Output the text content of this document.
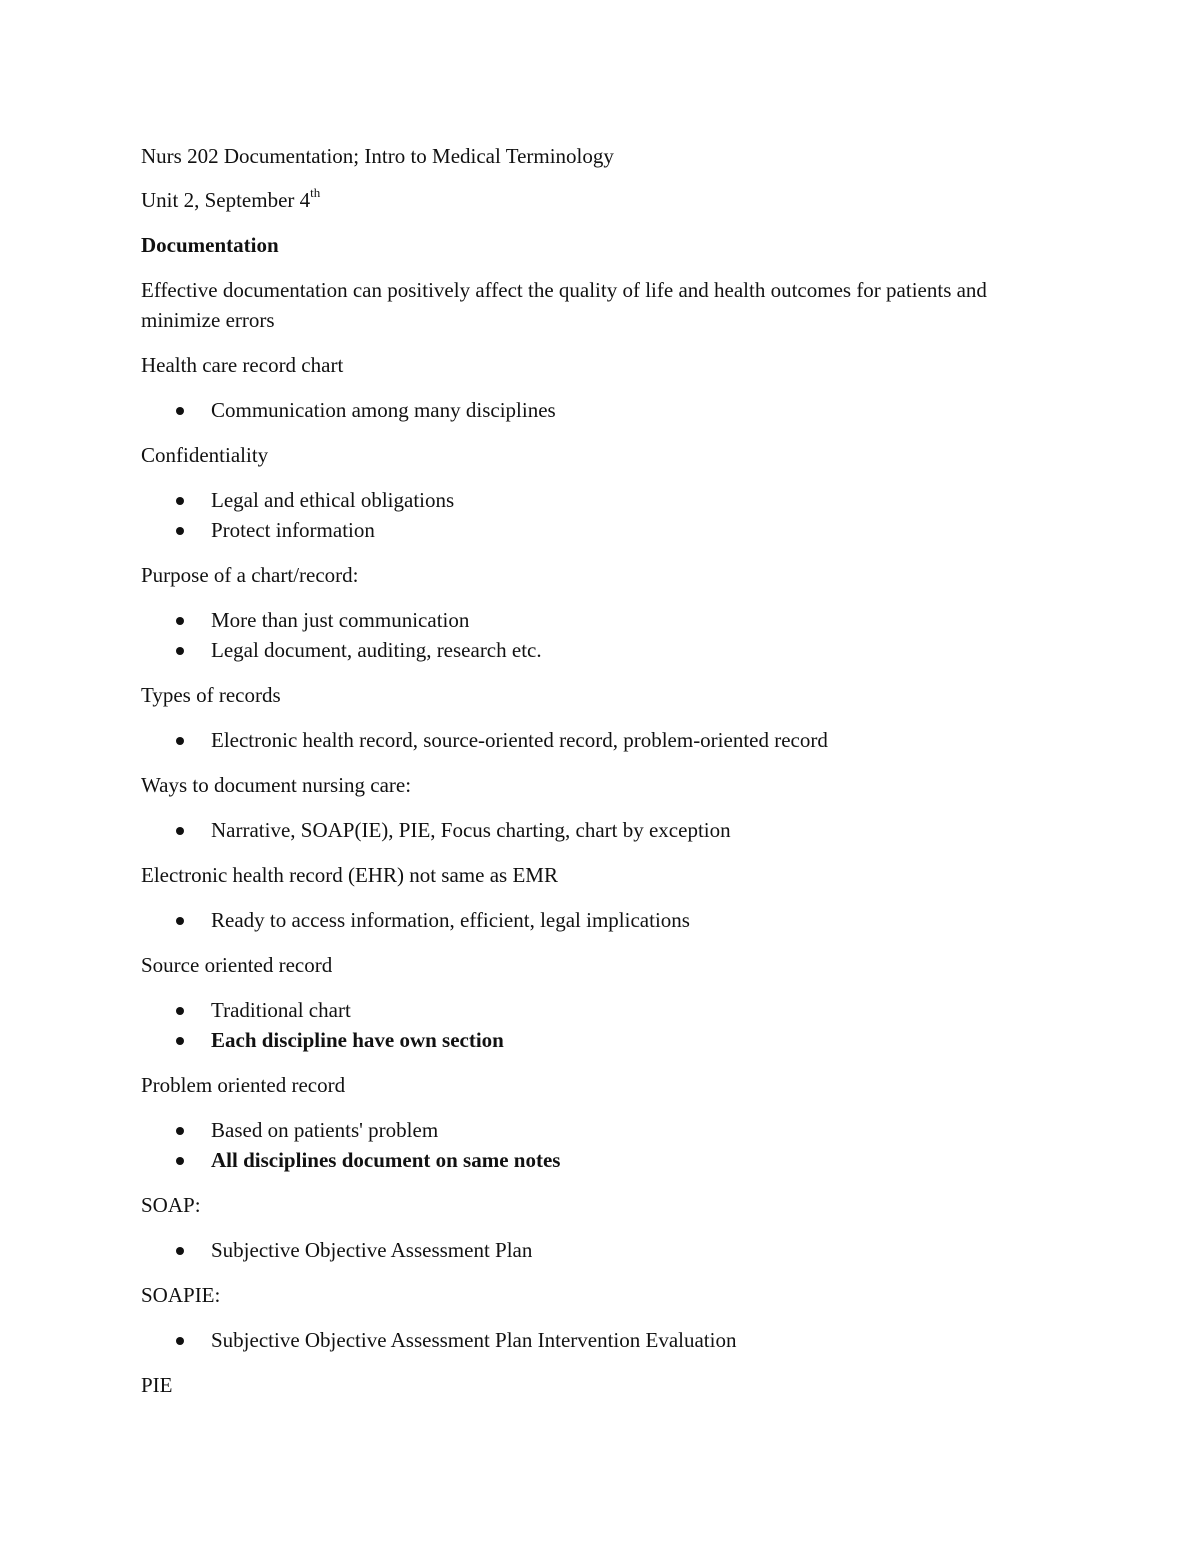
Nurs 202 Documentation; Intro to Medical Terminology

Unit 2, September 4th

Documentation

Effective documentation can positively affect the quality of life and health outcomes for patients and minimize errors

Health care record chart

Communication among many disciplines

Confidentiality

Legal and ethical obligations
Protect information

Purpose of a chart/record:

More than just communication
Legal document, auditing, research etc.

Types of records

Electronic health record, source-oriented record, problem-oriented record

Ways to document nursing care:

Narrative, SOAP(IE), PIE, Focus charting, chart by exception

Electronic health record (EHR) not same as EMR

Ready to access information, efficient, legal implications

Source oriented record

Traditional chart
Each discipline have own section

Problem oriented record

Based on patients' problem
All disciplines document on same notes

SOAP:

Subjective Objective Assessment Plan

SOAPIE:

Subjective Objective Assessment Plan Intervention Evaluation

PIE
